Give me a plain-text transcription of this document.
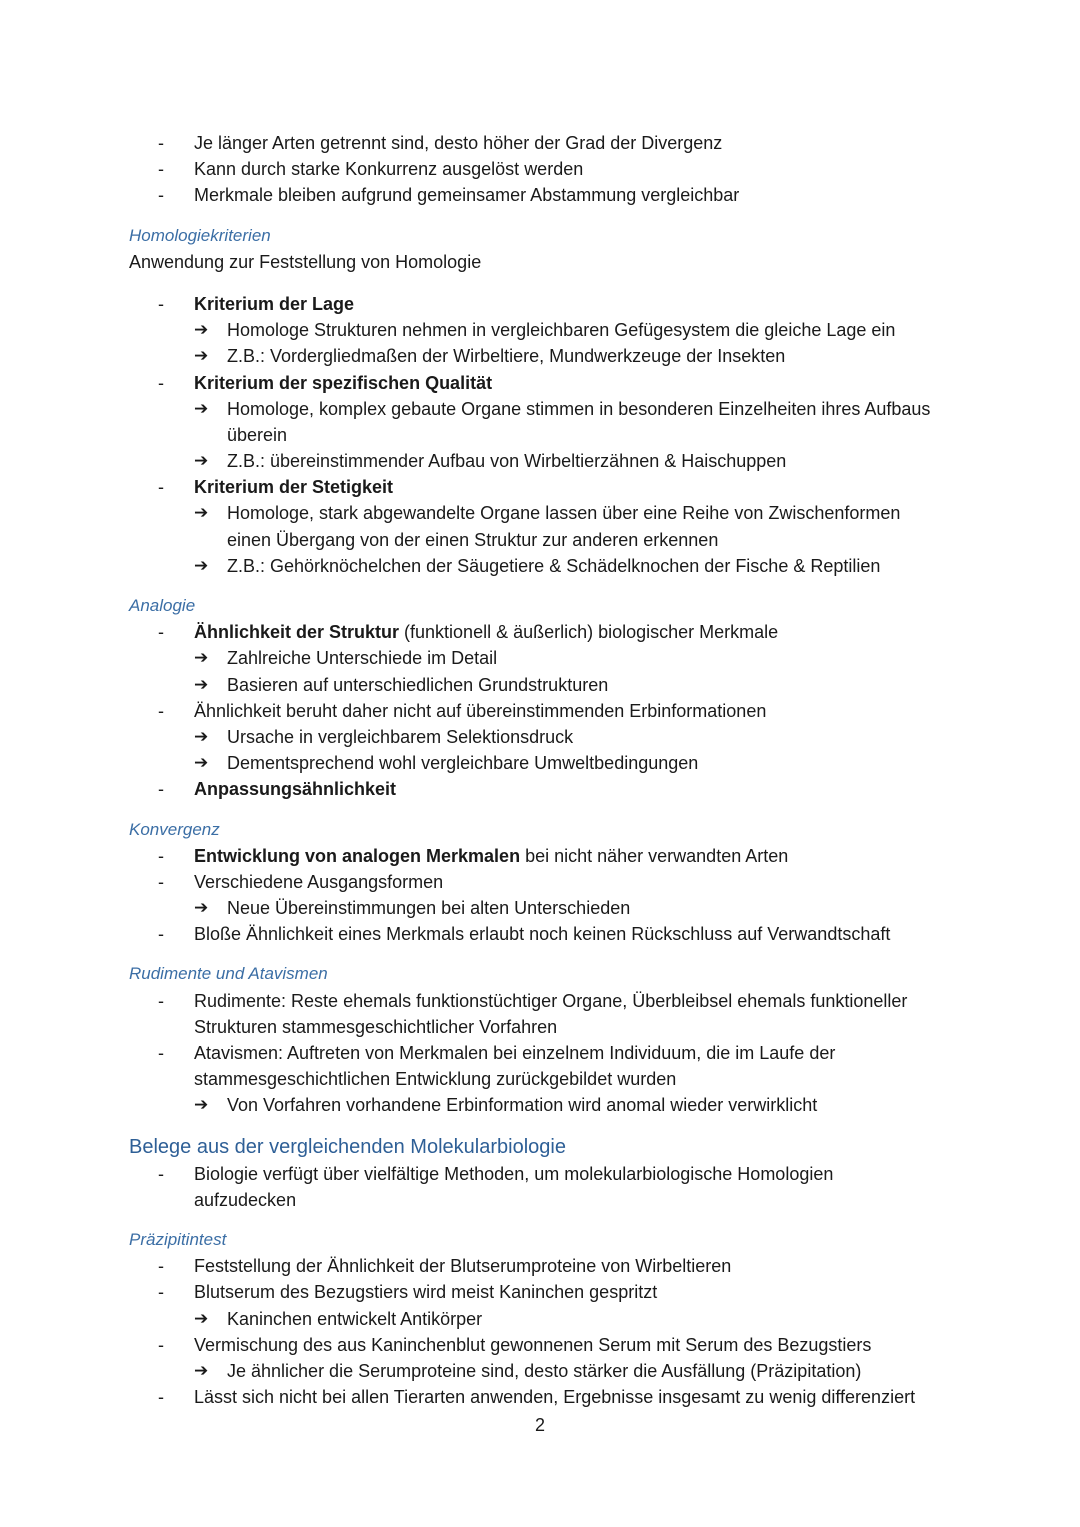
- Je länger Arten getrennt sind, desto höher der Grad der Divergenz
- Kann durch starke Konkurrenz ausgelöst werden
- Merkmale bleiben aufgrund gemeinsamer Abstammung vergleichbar
Homologiekriterien
Anwendung zur Feststellung von Homologie
- Kriterium der Lage
➔ Homologe Strukturen nehmen in vergleichbaren Gefügesystem die gleiche Lage ein
➔ Z.B.: Vordergliedmaßen der Wirbeltiere, Mundwerkzeuge der Insekten
- Kriterium der spezifischen Qualität
➔ Homologe, komplex gebaute Organe stimmen in besonderen Einzelheiten ihres Aufbaus
überein
➔ Z.B.: übereinstimmender Aufbau von Wirbeltierzähnen & Haischuppen
- Kriterium der Stetigkeit
➔ Homologe, stark abgewandelte Organe lassen über eine Reihe von Zwischenformen
einen Übergang von der einen Struktur zur anderen erkennen
➔ Z.B.: Gehörknöchelchen der Säugetiere & Schädelknochen der Fische & Reptilien
Analogie
- Ähnlichkeit der Struktur (funktionell & äußerlich) biologischer Merkmale
➔ Zahlreiche Unterschiede im Detail
➔ Basieren auf unterschiedlichen Grundstrukturen
- Ähnlichkeit beruht daher nicht auf übereinstimmenden Erbinformationen
➔ Ursache in vergleichbarem Selektionsdruck
➔ Dementsprechend wohl vergleichbare Umweltbedingungen
- Anpassungsähnlichkeit
Konvergenz
- Entwicklung von analogen Merkmalen bei nicht näher verwandten Arten
- Verschiedene Ausgangsformen
➔ Neue Übereinstimmungen bei alten Unterschieden
- Bloße Ähnlichkeit eines Merkmals erlaubt noch keinen Rückschluss auf Verwandtschaft
Rudimente und Atavismen
- Rudimente: Reste ehemals funktionstüchtiger Organe, Überbleibsel ehemals funktioneller
Strukturen stammesgeschichtlicher Vorfahren
- Atavismen: Auftreten von Merkmalen bei einzelnem Individuum, die im Laufe der
stammesgeschichtlichen Entwicklung zurückgebildet wurden
➔ Von Vorfahren vorhandene Erbinformation wird anomal wieder verwirklicht
Belege aus der vergleichenden Molekularbiologie
- Biologie verfügt über vielfältige Methoden, um molekularbiologische Homologien
aufzudecken
Präzipitintest
- Feststellung der Ähnlichkeit der Blutserumproteine von Wirbeltieren
- Blutserum des Bezugstiers wird meist Kaninchen gespritzt
➔ Kaninchen entwickelt Antikörper
- Vermischung des aus Kaninchenblut gewonnenen Serum mit Serum des Bezugstiers
➔ Je ähnlicher die Serumproteine sind, desto stärker die Ausfällung (Präzipitation)
- Lässt sich nicht bei allen Tierarten anwenden, Ergebnisse insgesamt zu wenig differenziert
2
